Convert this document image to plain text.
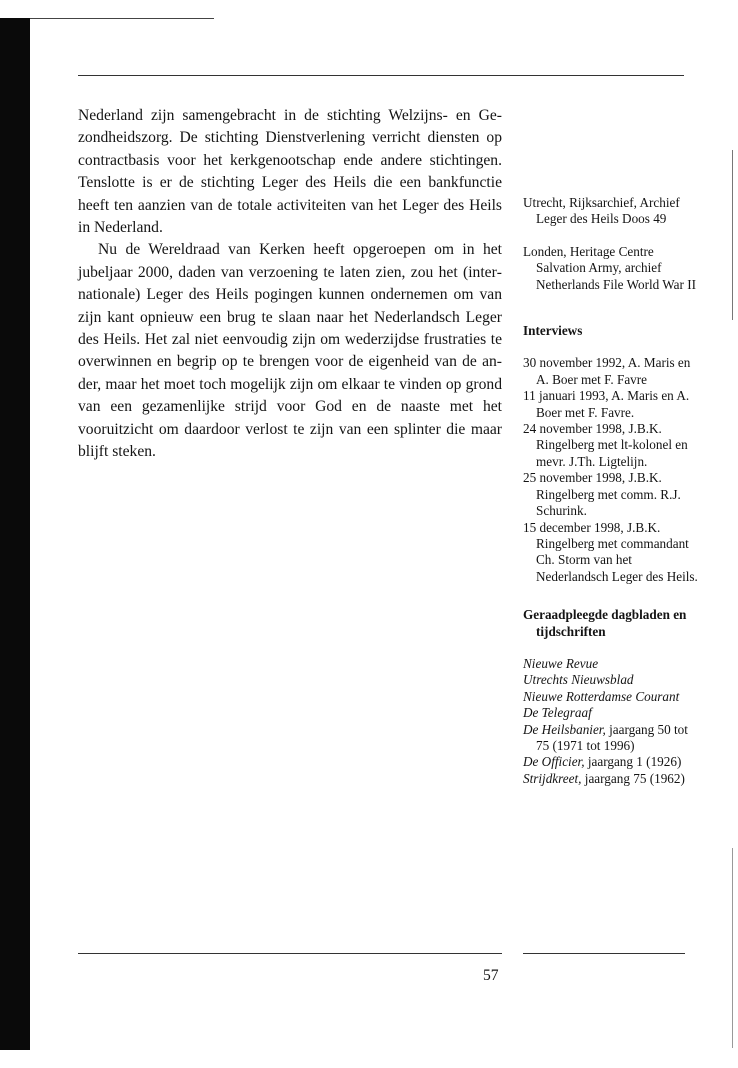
Nederland zijn samengebracht in de stichting Welzijns- en Gezondheidszorg. De stichting Dienstverlening verricht diensten op contractbasis voor het kerkgenootschap ende andere stichtingen. Tenslotte is er de stichting Leger des Heils die een bankfunctie heeft ten aanzien van de totale activiteiten van het Leger des Heils in Nederland.

Nu de Wereldraad van Kerken heeft opgeroepen om in het jubeljaar 2000, daden van verzoening te laten zien, zou het (internationale) Leger des Heils pogingen kunnen ondernemen om van zijn kant opnieuw een brug te slaan naar het Nederlandsch Leger des Heils. Het zal niet eenvoudig zijn om wederzijdse frustraties te overwinnen en begrip op te brengen voor de eigenheid van de ander, maar het moet toch mogelijk zijn om elkaar te vinden op grond van een gezamenlijke strijd voor God en de naaste met het vooruitzicht om daardoor verlost te zijn van een splinter die maar blijft steken.

Utrecht, Rijksarchief, Archief Leger des Heils Doos 49

Londen, Heritage Centre Salvation Army, archief Netherlands File World War II

Interviews

30 november 1992, A. Maris en A. Boer met F. Favre

11 januari 1993, A. Maris en A. Boer met F. Favre.

24 november 1998, J.B.K. Ringelberg met lt-kolonel en mevr. J.Th. Ligtelijn.

25 november 1998, J.B.K. Ringelberg met comm. R.J. Schurink.

15 december 1998, J.B.K. Ringelberg met commandant Ch. Storm van het Nederlandsch Leger des Heils.

Geraadpleegde dagbladen en tijdschriften

Nieuwe Revue

Utrechts Nieuwsblad

Nieuwe Rotterdamse Courant

De Telegraaf

De Heilsbanier, jaargang 50 tot 75 (1971 tot 1996)

De Officier, jaargang 1 (1926)

Strijdkreet, jaargang 75 (1962)

57
